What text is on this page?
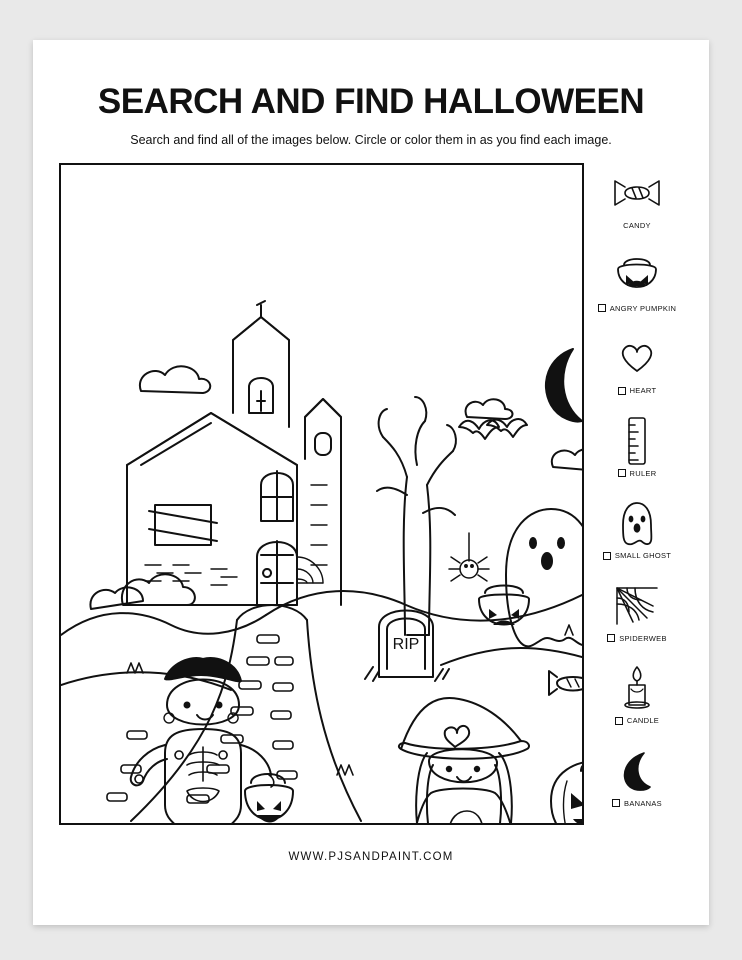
SEARCH AND FIND HALLOWEEN
Search and find all of the images below. Circle or color them in as you find each image.
RIP
CANDY
ANGRY PUMPKIN
HEART
RULER
SMALL GHOST
SPIDERWEB
CANDLE
BANANAS
WWW.PJSANDPAINT.COM
